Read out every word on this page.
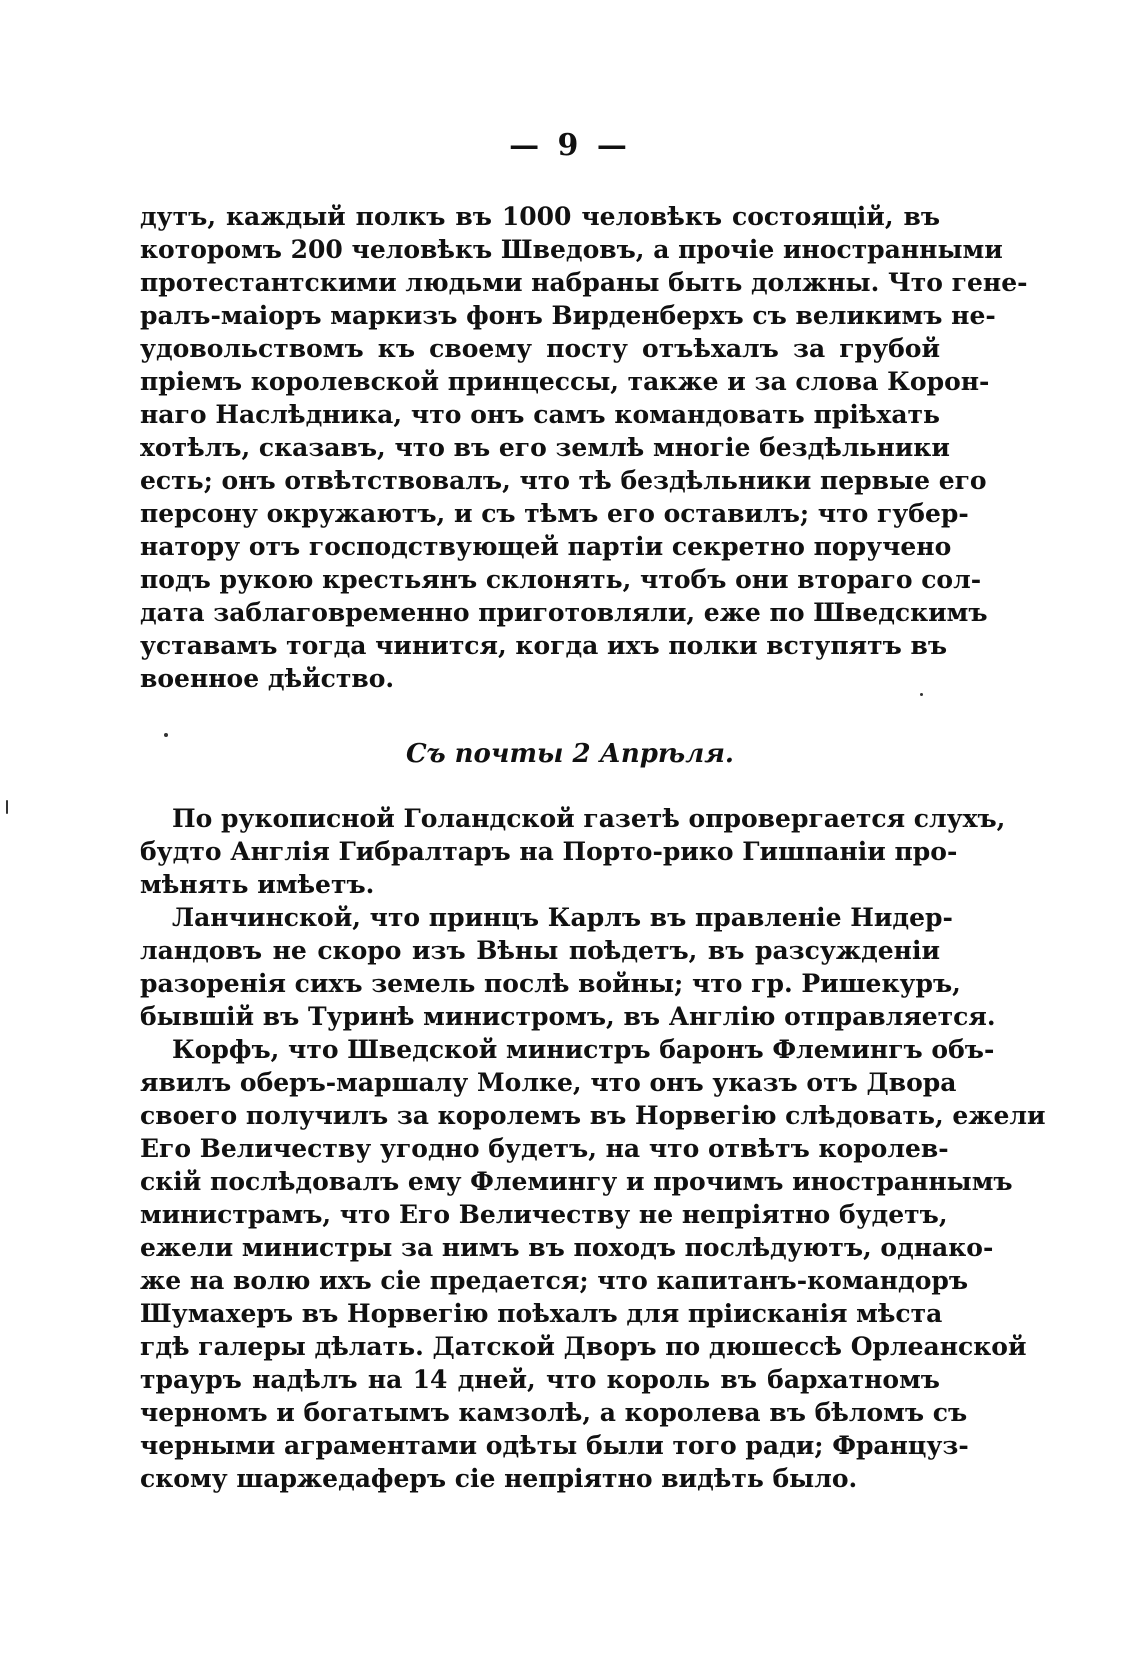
— 9 —
дутъ, каждый полкъ въ 1000 человѣкъ состоящій, въ
которомъ 200 человѣкъ Шведовъ, а прочіе иностранными
протестантскими людьми набраны быть должны. Что гене-
ралъ-маіоръ маркизъ фонъ Вирденберхъ съ великимъ не-
удовольствомъ къ своему посту отъѣхалъ за грубой
пріемъ королевской принцессы, также и за слова Корон-
наго Наслѣдника, что онъ самъ командовать пріѣхать
хотѣлъ, сказавъ, что въ его землѣ многіе бездѣльники
есть; онъ отвѣтствовалъ, что тѣ бездѣльники первые его
персону окружаютъ, и съ тѣмъ его оставилъ; что губер-
натору отъ господствующей партіи секретно поручено
подъ рукою крестьянъ склонять, чтобъ они втораго сол-
дата заблаговременно приготовляли, еже по Шведскимъ
уставамъ тогда чинится, когда ихъ полки вступятъ въ
военное дѣйство.
Съ почты 2 Апрѣля.
По рукописной Голандской газетѣ опровергается слухъ,
будто Англія Гибралтаръ на Порто-рико Гишпаніи про-
мѣнять имѣетъ.
Ланчинской, что принцъ Карлъ въ правленіе Нидер-
ландовъ не скоро изъ Вѣны поѣдетъ, въ разсужденіи
разоренія сихъ земель послѣ войны; что гр. Ришекуръ,
бывшій въ Туринѣ министромъ, въ Англію отправляется.
Корфъ, что Шведской министръ баронъ Флемингъ объ-
явилъ оберъ-маршалу Молке, что онъ указъ отъ Двора
своего получилъ за королемъ въ Норвегію слѣдовать, ежели
Его Величеству угодно будетъ, на что отвѣтъ королев-
скій послѣдовалъ ему Флемингу и прочимъ иностраннымъ
министрамъ, что Его Величеству не непріятно будетъ,
ежели министры за нимъ въ походъ послѣдуютъ, однако-
же на волю ихъ сіе предается; что капитанъ-командоръ
Шумахеръ въ Норвегію поѣхалъ для прiисканiя мѣста
гдѣ галеры дѣлать. Датской Дворъ по дюшессѣ Орлеанской
трауръ надѣлъ на 14 дней, что король въ бархатномъ
черномъ и богатымъ камзолѣ, а королева въ бѣломъ съ
черными аграментами одѣты были того ради; Француз-
скому шаржедаферъ сіе непріятно видѣть было.
